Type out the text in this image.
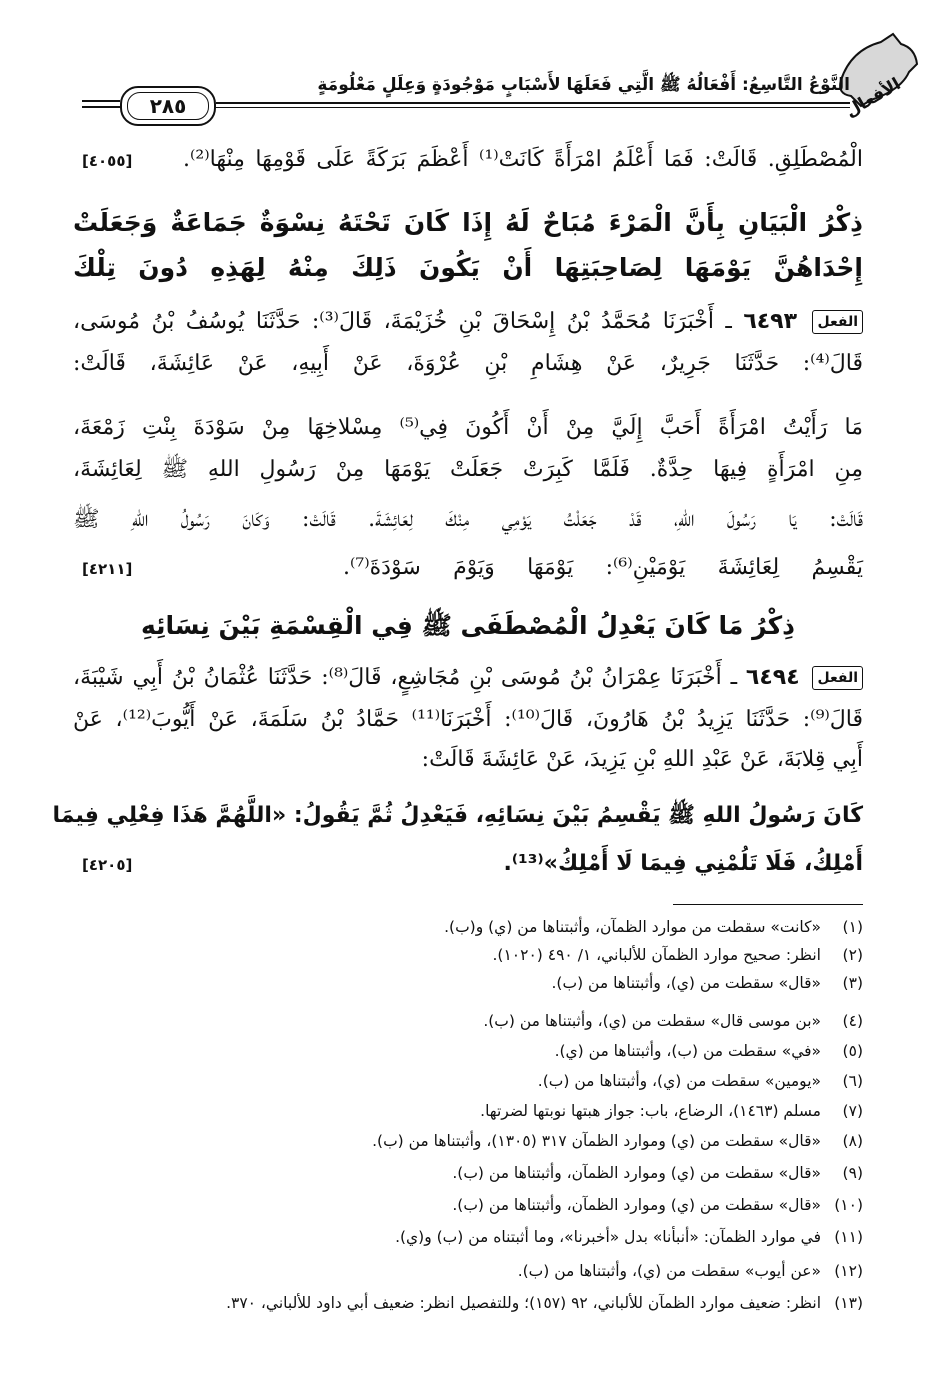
الأفعال
٢٨٥
النَّوْعُ التَّاسِعُ: أَفْعَالُهُ ﷺ الَّتِي فَعَلَهَا لأَسْبَابٍ مَوْجُودَةٍ وَعِلَلٍ مَعْلُومَةٍ
الْمُصْطَلِقِ. قَالَتْ: فَمَا أَعْلَمُ امْرَأَةً كَانَتْ⁽¹⁾ أَعْظَمَ بَرَكَةً عَلَى قَوْمِهَا مِنْهَا⁽²⁾.
[٤٠٥٥]
ذِكْرُ الْبَيَانِ بِأَنَّ الْمَرْءَ مُبَاحٌ لَهُ إِذَا كَانَ تَحْتَهُ نِسْوَةٌ جَمَاعَةٌ وَجَعَلَتْ
إِحْدَاهُنَّ يَوْمَهَا لِصَاحِبَتِهَا أَنْ يَكُونَ ذَلِكَ مِنْهُ لِهَذِهِ دُونَ تِلْكَ
الفعل ٦٤٩٣ ـ أَخْبَرَنَا مُحَمَّدُ بْنُ إِسْحَاقَ بْنِ خُزَيْمَةَ، قَالَ⁽³⁾: حَدَّثَنَا يُوسُفُ بْنُ مُوسَى،
قَالَ⁽⁴⁾: حَدَّثَنَا جَرِيرٌ، عَنْ هِشَامِ بْنِ عُرْوَةَ، عَنْ أَبِيهِ، عَنْ عَائِشَةَ، قَالَتْ:
مَا رَأَيْتُ امْرَأَةً أَحَبَّ إِلَيَّ مِنْ أَنْ أَكُونَ فِي⁽⁵⁾ مِسْلاخِهَا مِنْ سَوْدَةَ بِنْتِ زَمْعَةَ،
مِنِ امْرَأَةٍ فِيهَا حِدَّةٌ. فَلَمَّا كَبِرَتْ جَعَلَتْ يَوْمَهَا مِنْ رَسُولِ اللهِ ﷺ لِعَائِشَةَ،
قَالَتْ: يَا رَسُولَ اللهِ، قَدْ جَعَلْتُ يَوْمِي مِنْكَ لِعَائِشَةَ. قَالَتْ: وَكَانَ رَسُولُ اللهِ ﷺ
يَقْسِمُ لِعَائِشَةَ يَوْمَيْنِ⁽⁶⁾: يَوْمَهَا وَيَوْمَ سَوْدَةَ⁽⁷⁾.
[٤٢١١]
ذِكْرُ مَا كَانَ يَعْدِلُ الْمُصْطَفَى ﷺ فِي الْقِسْمَةِ بَيْنَ نِسَائِهِ
الفعل ٦٤٩٤ ـ أَخْبَرَنَا عِمْرَانُ بْنُ مُوسَى بْنِ مُجَاشِعٍ، قَالَ⁽⁸⁾: حَدَّثَنَا عُثْمَانُ بْنُ أَبِي شَيْبَةَ،
قَالَ⁽⁹⁾: حَدَّثَنَا يَزِيدُ بْنُ هَارُونَ، قَالَ⁽¹⁰⁾: أَخْبَرَنَا⁽¹¹⁾ حَمَّادُ بْنُ سَلَمَةَ، عَنْ أَيُّوبَ⁽¹²⁾، عَنْ
أَبِي قِلابَةَ، عَنْ عَبْدِ اللهِ بْنِ يَزِيدَ، عَنْ عَائِشَةَ قَالَتْ:
كَانَ رَسُولُ اللهِ ﷺ يَقْسِمُ بَيْنَ نِسَائِهِ، فَيَعْدِلُ ثُمَّ يَقُولُ: «اللَّهُمَّ هَذَا فِعْلِي فِيمَا
أَمْلِكُ، فَلَا تَلُمْنِي فِيمَا لَا أَمْلِكُ»⁽¹³⁾.
[٤٢٠٥]
(١)«كانت» سقطت من موارد الظمآن، وأثبتناها من (ي) و(ب).
(٢)انظر: صحيح موارد الظمآن للألباني، ١/ ٤٩٠ (١٠٢٠).
(٣)«قال» سقطت من (ي)، وأثبتناها من (ب).
(٤)«بن موسى قال» سقطت من (ي)، وأثبتناها من (ب).
(٥)«في» سقطت من (ب)، وأثبتناها من (ي).
(٦)«يومين» سقطت من (ي)، وأثبتناها من (ب).
(٧)مسلم (١٤٦٣)، الرضاع، باب: جواز هبتها نوبتها لضرتها.
(٨)«قال» سقطت من (ي) وموارد الظمآن ٣١٧ (١٣٠٥)، وأثبتناها من (ب).
(٩)«قال» سقطت من (ي) وموارد الظمآن، وأثبتناها من (ب).
(١٠)«قال» سقطت من (ي) وموارد الظمآن، وأثبتناها من (ب).
(١١)في موارد الظمآن: «أنبأنا» بدل «أخبرنا»، وما أثبتناه من (ب) و(ي).
(١٢)«عن أيوب» سقطت من (ي)، وأثبتناها من (ب).
(١٣)انظر: ضعيف موارد الظمآن للألباني، ٩٢ (١٥٧)؛ وللتفصيل انظر: ضعيف أبي داود للألباني، ٣٧٠.
